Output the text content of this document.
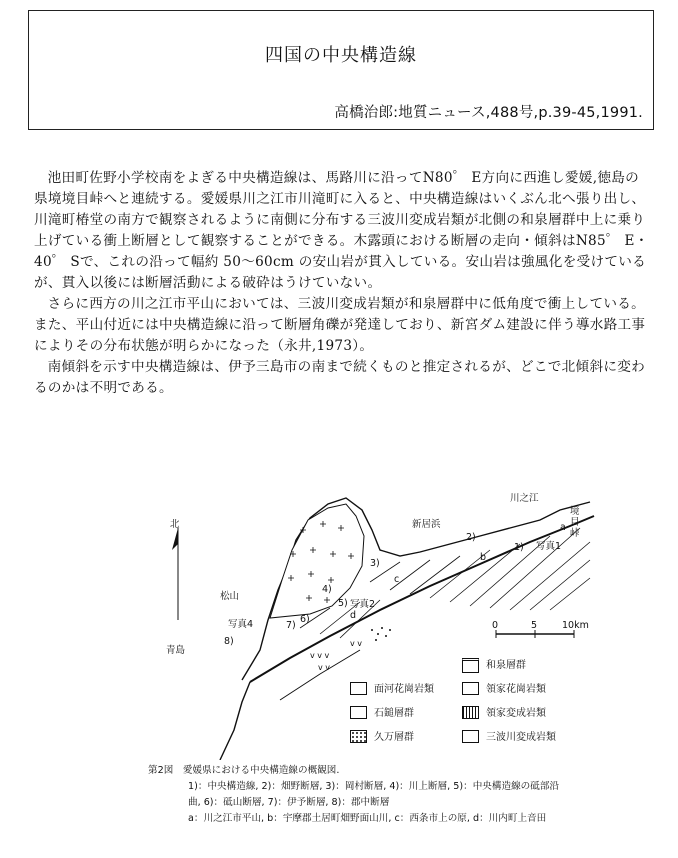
四国の中央構造線
高橋治郎:地質ニュース,488号,p.39-45,1991.

池田町佐野小学校南をよぎる中央構造線は、馬路川に沿ってN80゜ E方向に西進し愛媛,徳島の県境境目峠へと連続する。愛媛県川之江市川滝町に入ると、中央構造線はいくぶん北へ張り出し、川滝町椿堂の南方で観察されるように南側に分布する三波川変成岩類が北側の和泉層群中上に乗り上げている衝上断層として観察することができる。木露頭における断層の走向・傾斜はN85゜ E・40゜ Sで、これの沿って幅約 50～60cm の安山岩が貫入している。安山岩は強風化を受けているが、貫入以後には断層活動による破砕はうけていない。

さらに西方の川之江市平山においては、三波川変成岩類が和泉層群中に低角度で衝上している。また、平山付近には中央構造線に沿って断層角礫が発達しており、新宮ダム建設に伴う導水路工事によりその分布状態が明らかになった（永井,1973）。

南傾斜を示す中央構造線は、伊予三島市の南まで続くものと推定されるが、どこで北傾斜に変わるのかは不明である。

v v v
v v
v v
北
川之江
境目峠
新居浜
松山
青島
写真1
写真2
写真4
1)
2)
3)
4)
5)
6)
7)
8)
a
b
c
d
0	5	10km
和泉層群
領家花崗岩類
領家変成岩類
三波川変成岩類
面河花崗岩類
石鎚層群
久万層群
第2図　愛媛県における中央構造線の概観図.
1)：中央構造線, 2)：畑野断層, 3)：岡村断層, 4)：川上断層, 5)：中央構造線の砥部沿
曲, 6)：砥山断層, 7)：伊予断層, 8)：郡中断層
a：川之江市平山, b：宇摩郡土居町畑野面山川, c：西条市上の原, d：川内町上音田
